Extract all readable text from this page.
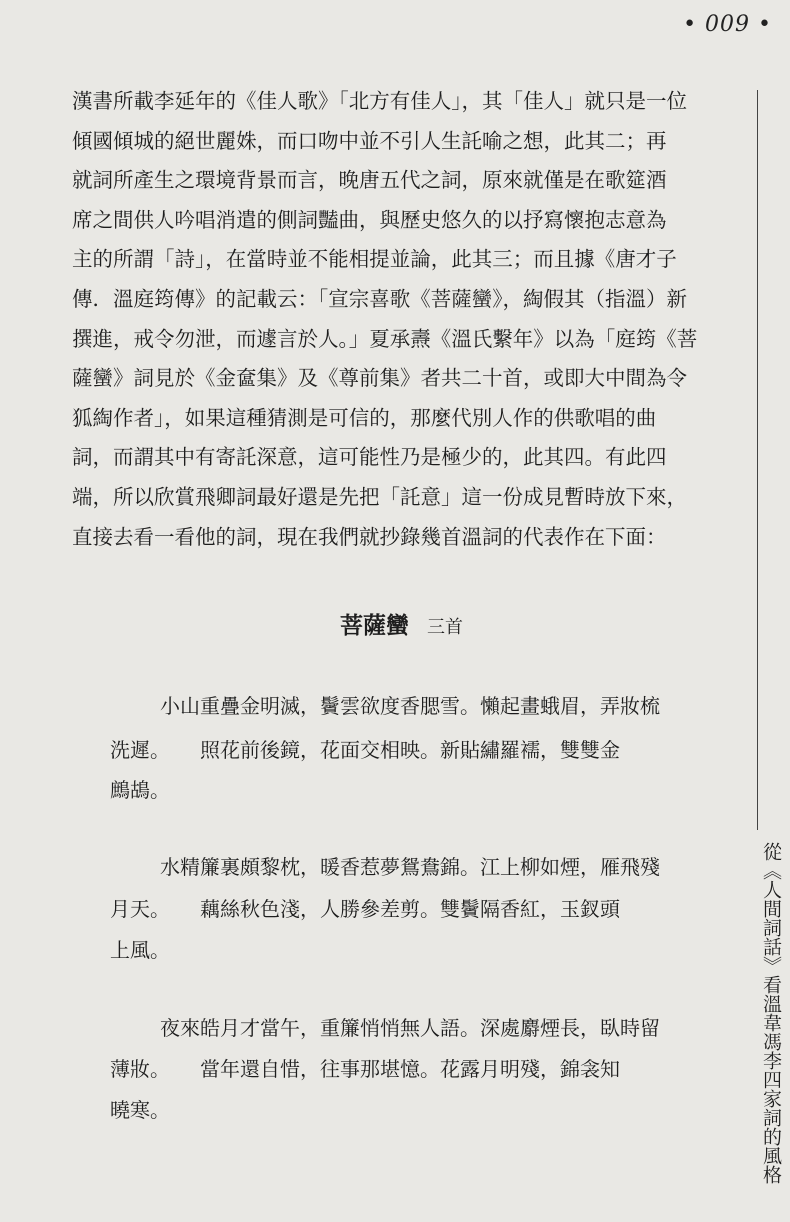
• 009 •
漢書所載李延年的《佳人歌》「北方有佳人」，其「佳人」就只是一位
傾國傾城的絕世麗姝，而口吻中並不引人生託喻之想，此其二；再
就詞所產生之環境背景而言，晚唐五代之詞，原來就僅是在歌筵酒
席之間供人吟唱消遣的側詞豔曲，與歷史悠久的以抒寫懷抱志意為
主的所謂「詩」，在當時並不能相提並論，此其三；而且據《唐才子
傳．溫庭筠傳》的記載云：「宣宗喜歌《菩薩蠻》，綯假其（指溫）新
撰進，戒令勿泄，而遽言於人。」夏承燾《溫氏繫年》以為「庭筠《菩
薩蠻》詞見於《金奩集》及《尊前集》者共二十首，或即大中間為令
狐綯作者」，如果這種猜測是可信的，那麼代別人作的供歌唱的曲
詞，而謂其中有寄託深意，這可能性乃是極少的，此其四。有此四
端，所以欣賞飛卿詞最好還是先把「託意」這一份成見暫時放下來，
直接去看一看他的詞，現在我們就抄錄幾首溫詞的代表作在下面：
菩薩蠻 三首
小山重疊金明滅，鬢雲欲度香腮雪。懶起畫蛾眉，弄妝梳
洗遲。　　照花前後鏡，花面交相映。新貼繡羅襦，雙雙金
鷓鴣。
水精簾裏頗黎枕，暖香惹夢鴛鴦錦。江上柳如煙，雁飛殘
月天。　　藕絲秋色淺，人勝參差剪。雙鬢隔香紅，玉釵頭
上風。
夜來皓月才當午，重簾悄悄無人語。深處麝煙長，臥時留
薄妝。　　當年還自惜，往事那堪憶。花露月明殘，錦衾知
曉寒。	從《人間詞話》看溫韋馮李四家詞的風格
